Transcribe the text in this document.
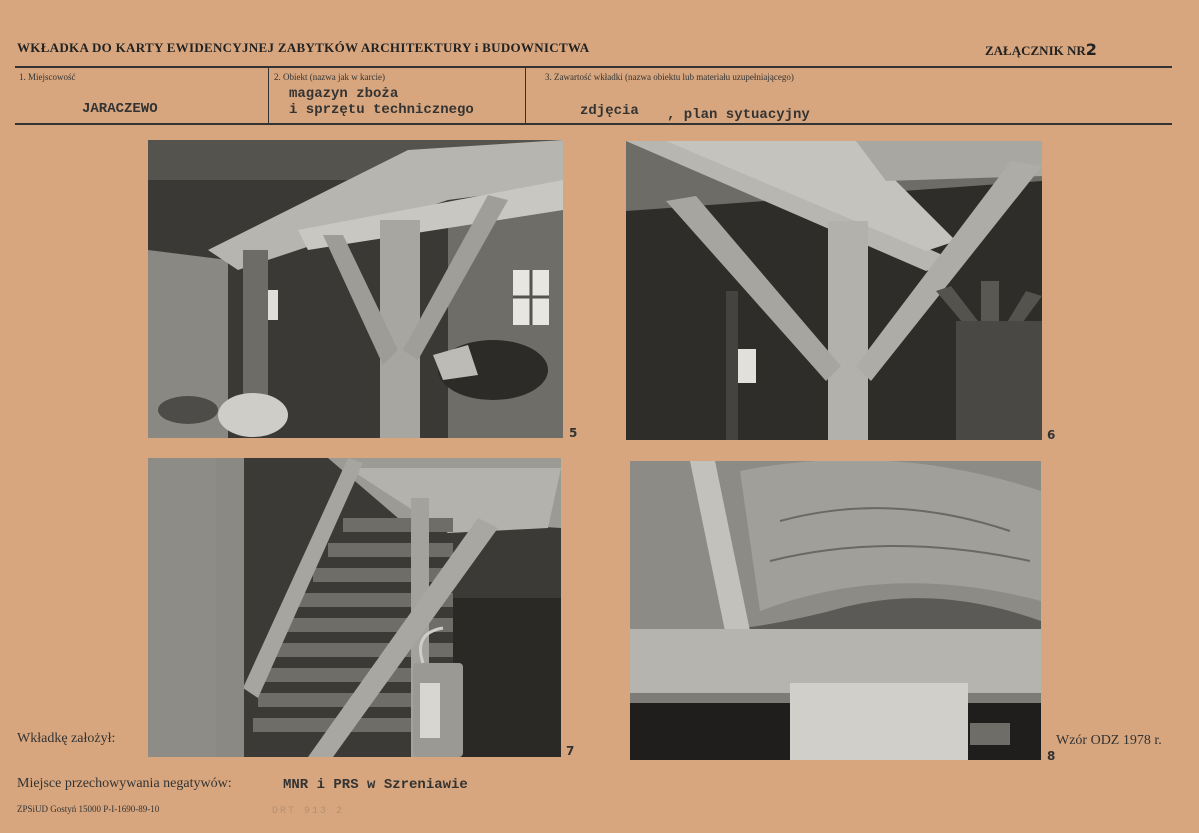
WKŁADKA DO KARTY EWIDENCYJNEJ ZABYTKÓW ARCHITEKTURY i BUDOWNICTWA	ZAŁĄCZNIK NR2
1. Miejscowość
JARACZEWO
2. Obiekt (nazwa jak w karcie)
magazyn zboża
i sprzętu technicznego
3. Zawartość wkładki (nazwa obiektu lub materiału uzupełniającego)
zdjęcia , plan sytuacyjny
5	6
7	8
Wkładkę założył:	Wzór ODZ 1978 r.
Miejsce przechowywania negatywów:	MNR i PRS w Szreniawie
ZPSiUD Gostyń 15000 P-I-1690-89-10	DRT 913 2
